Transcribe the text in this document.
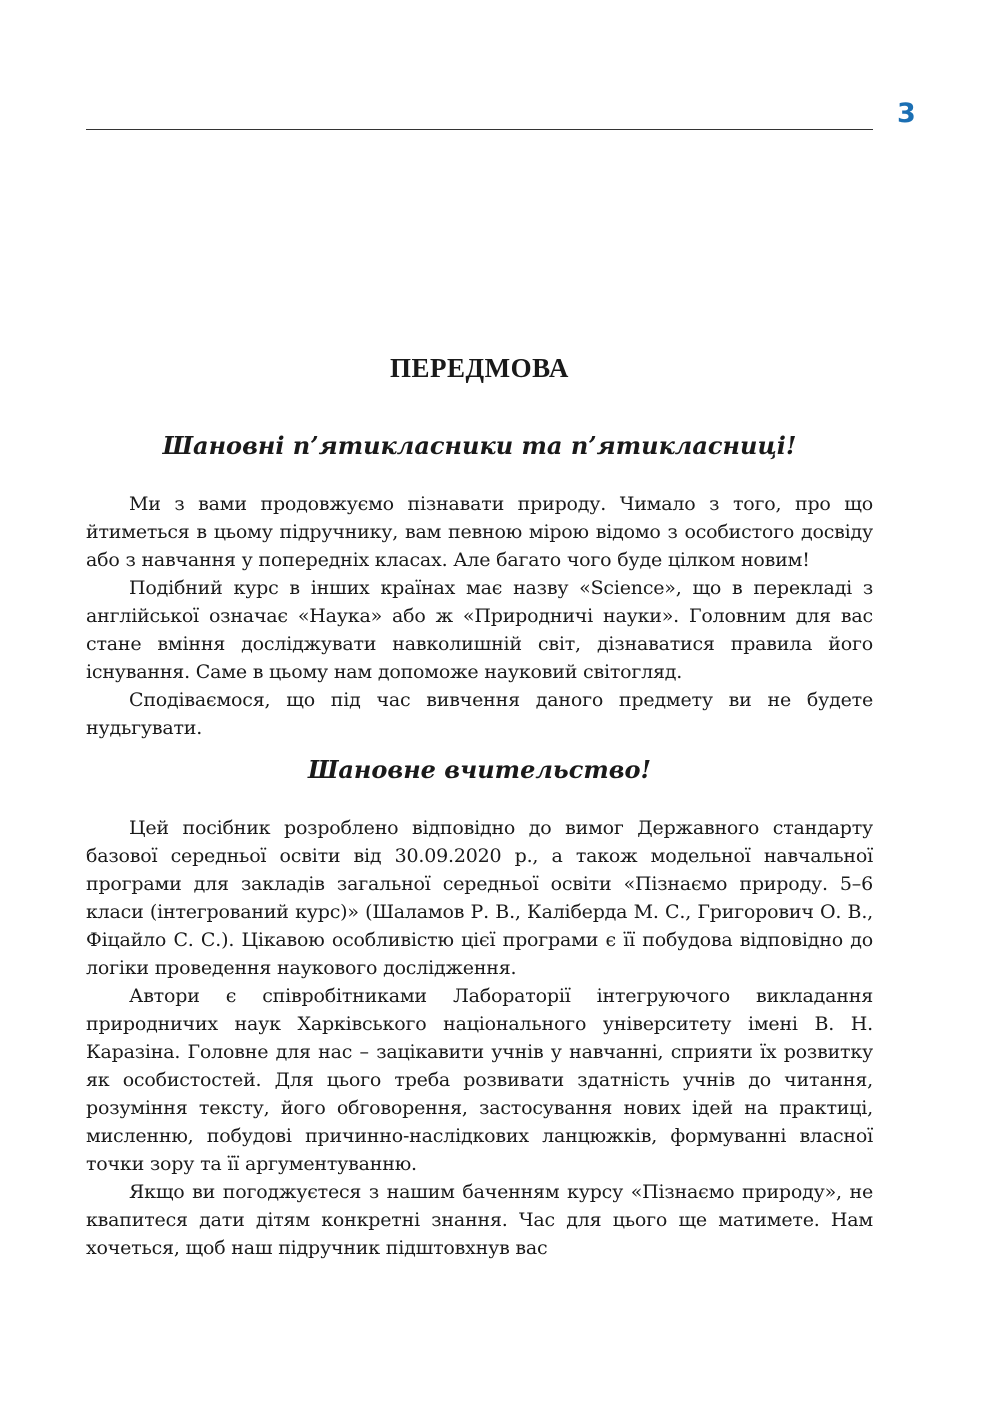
3
ПЕРЕДМОВА
Шановні п’ятикласники та п’ятикласниці!

Ми з вами продовжуємо пізнавати природу. Чимало з того, про що йтиметься в цьому підручнику, вам певною мірою відомо з особистого досвіду або з навчання у попередніх класах. Але багато чого буде цілком новим!

Подібний курс в інших країнах має назву «Science», що в перекладі з англійської означає «Наука» або ж «Природничі науки». Головним для вас стане вміння досліджувати навколишній світ, дізнаватися правила його існування. Саме в цьому нам допоможе науковий світогляд.

Сподіваємося, що під час вивчення даного предмету ви не будете нудьгувати.

Шановне вчительство!

Цей посібник розроблено відповідно до вимог Державного стандарту базової середньої освіти від 30.09.2020 р., а також модельної навчальної програми для закладів загальної середньої освіти «Пізнаємо природу. 5–6 класи (інтегрований курс)» (Шаламов Р. В., Каліберда М. С., Григорович О. В., Фіцайло С. С.). Цікавою особливістю цієї програми є її побудова відповідно до логіки проведення наукового дослідження.

Автори є співробітниками Лабораторії інтегруючого викладання природничих наук Харківського національного університету імені В. Н. Каразіна. Головне для нас – зацікавити учнів у навчанні, сприяти їх розвитку як особистостей. Для цього треба розвивати здатність учнів до читання, розуміння тексту, його обговорення, застосування нових ідей на практиці, мисленню, побудові причинно-наслідкових ланцюжків, формуванні власної точки зору та її аргументуванню.

Якщо ви погоджуєтеся з нашим баченням курсу «Пізнаємо природу», не квапитеся дати дітям конкретні знання. Час для цього ще матимете. Нам хочеться, щоб наш підручник підштовхнув вас
